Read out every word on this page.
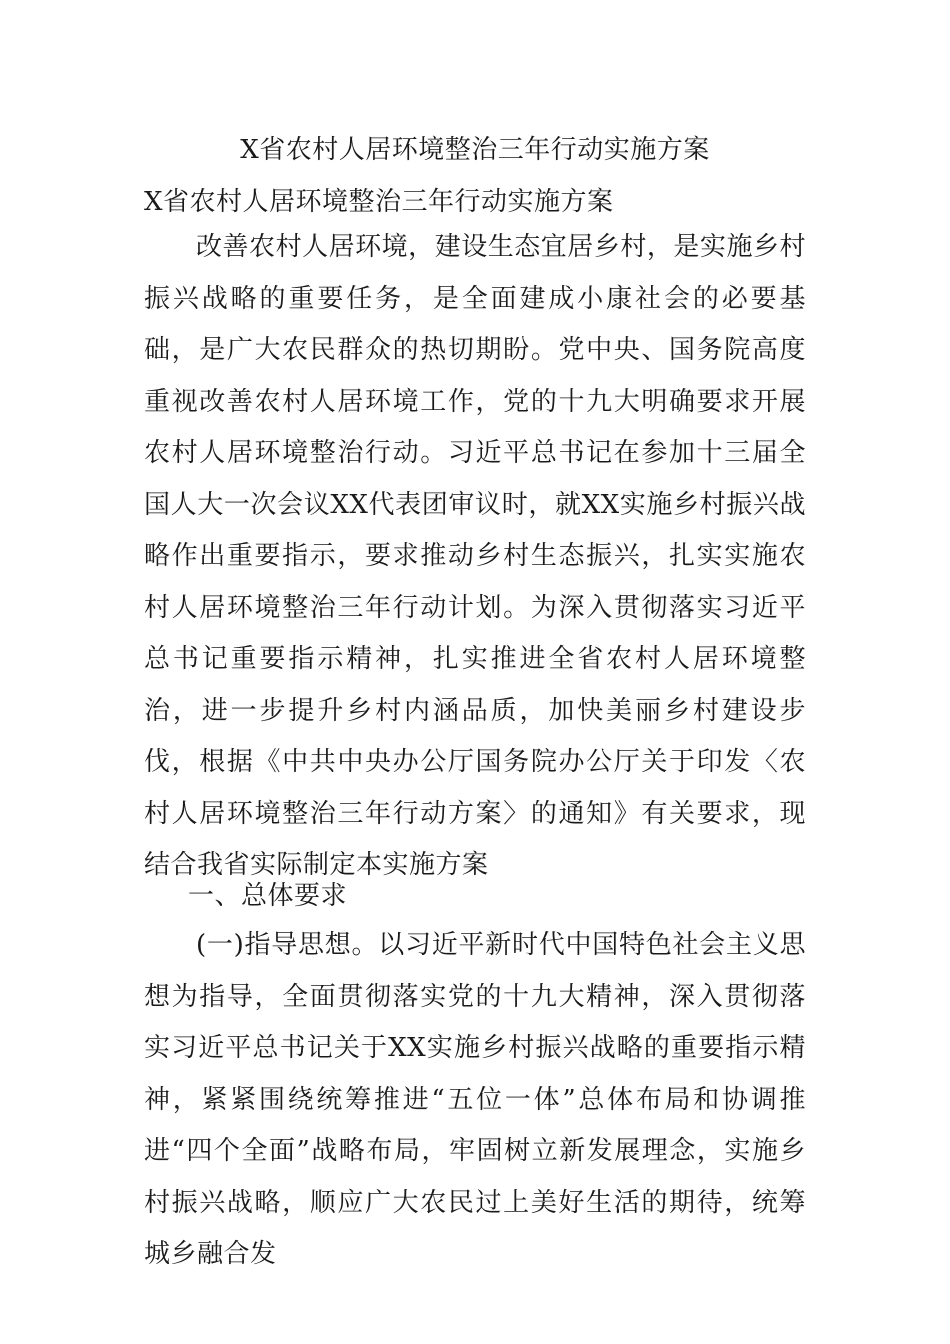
X省农村人居环境整治三年行动实施方案
X省农村人居环境整治三年行动实施方案

改善农村人居环境，建设生态宜居乡村，是实施乡村振兴战略的重要任务，是全面建成小康社会的必要基础，是广大农民群众的热切期盼。党中央、国务院高度重视改善农村人居环境工作，党的十九大明确要求开展农村人居环境整治行动。习近平总书记在参加十三届全国人大一次会议XX代表团审议时，就XX实施乡村振兴战略作出重要指示，要求推动乡村生态振兴，扎实实施农村人居环境整治三年行动计划。为深入贯彻落实习近平总书记重要指示精神，扎实推进全省农村人居环境整治，进一步提升乡村内涵品质，加快美丽乡村建设步伐，根据《中共中央办公厅国务院办公厅关于印发〈农村人居环境整治三年行动方案〉的通知》有关要求，现结合我省实际制定本实施方案

一、总体要求

(一)指导思想。以习近平新时代中国特色社会主义思想为指导，全面贯彻落实党的十九大精神，深入贯彻落实习近平总书记关于XX实施乡村振兴战略的重要指示精神，紧紧围绕统筹推进“五位一体”总体布局和协调推进“四个全面”战略布局，牢固树立新发展理念，实施乡村振兴战略，顺应广大农民过上美好生活的期待，统筹城乡融合发
